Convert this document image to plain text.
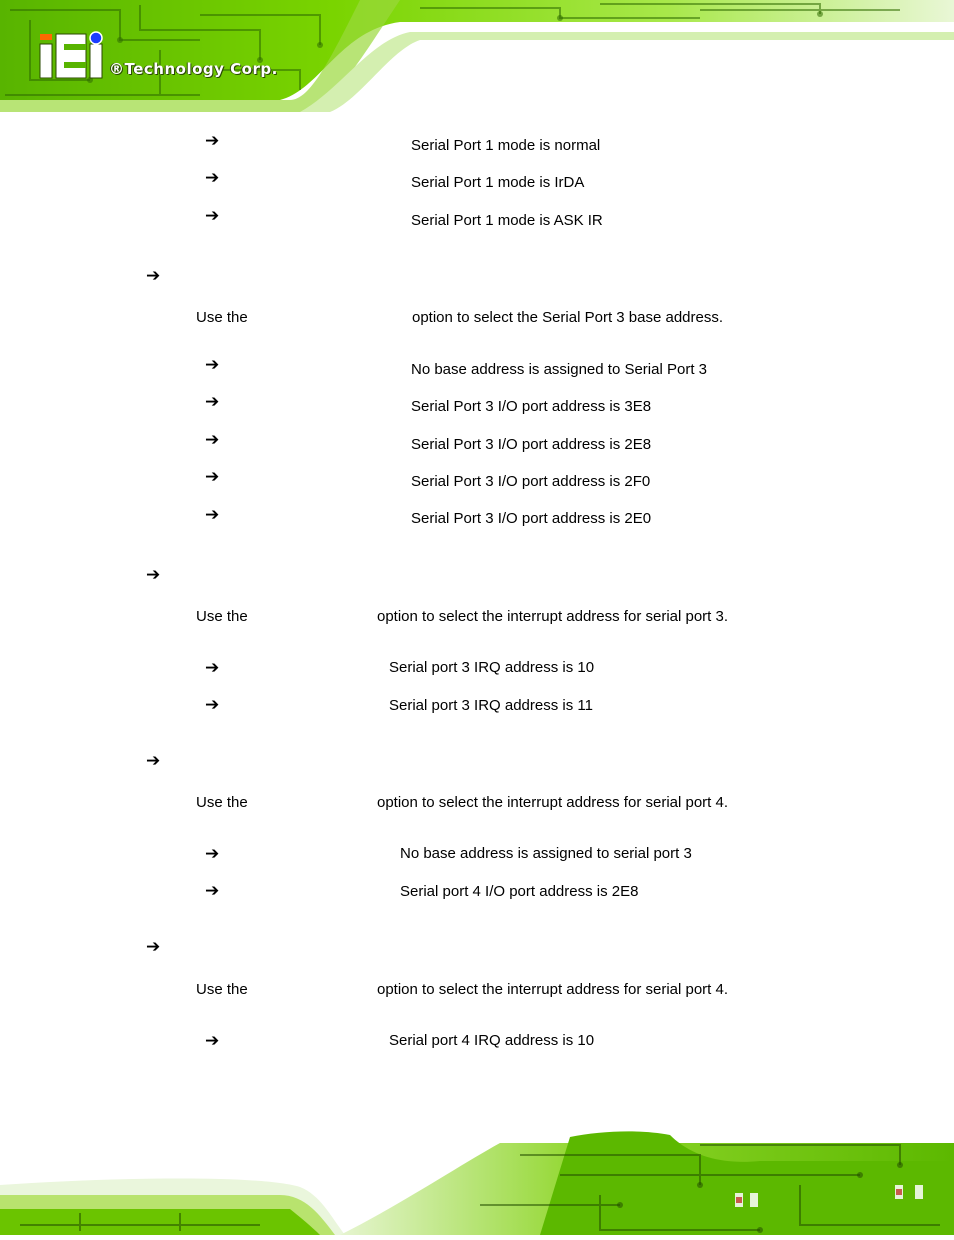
®Technology Corp.
➔	Serial Port 1 mode is normal
➔	Serial Port 1 mode is IrDA
➔	Serial Port 1 mode is ASK IR
➔
Use the	option to select the Serial Port 3 base address.
➔	No base address is assigned to Serial Port 3
➔	Serial Port 3 I/O port address is 3E8
➔	Serial Port 3 I/O port address is 2E8
➔	Serial Port 3 I/O port address is 2F0
➔	Serial Port 3 I/O port address is 2E0
➔
Use the	option to select the interrupt address for serial port 3.
➔	Serial port 3 IRQ address is 10
➔	Serial port 3 IRQ address is 11
➔
Use the	option to select the interrupt address for serial port 4.
➔	No base address is assigned to serial port 3
➔	Serial port 4 I/O port address is 2E8
➔
Use the	option to select the interrupt address for serial port 4.
➔	Serial port 4 IRQ address is 10
